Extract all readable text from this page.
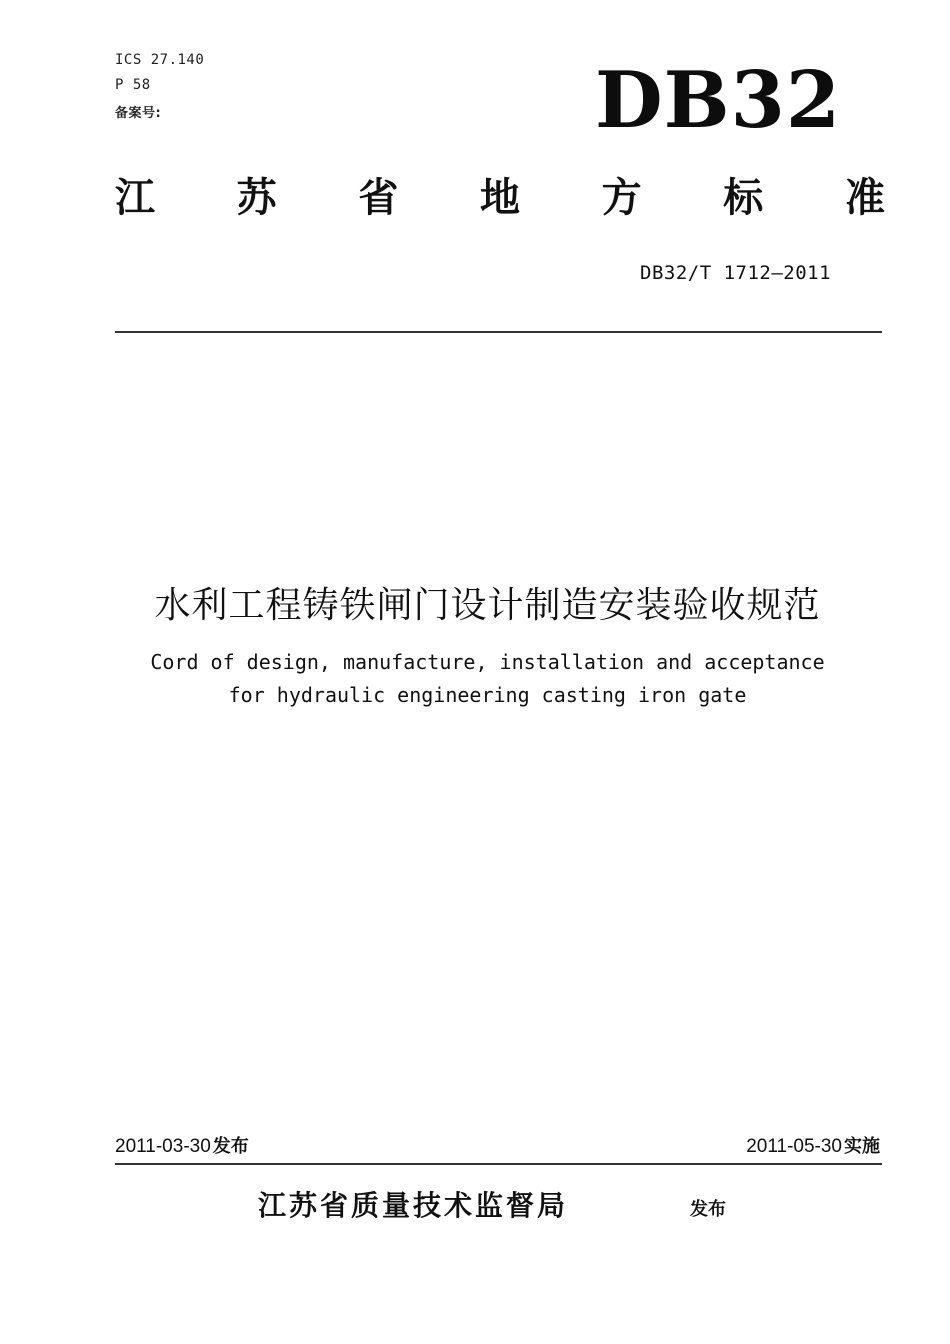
ICS 27.140
P 58
备案号:	DB32
江 苏 省 地 方 标 准
DB32/T 1712—2011
水利工程铸铁闸门设计制造安装验收规范
Cord of design, manufacture, installation and acceptance
for hydraulic engineering casting iron gate
2011-03-30 发布	2011-05-30 实施
江苏省质量技术监督局	发布
